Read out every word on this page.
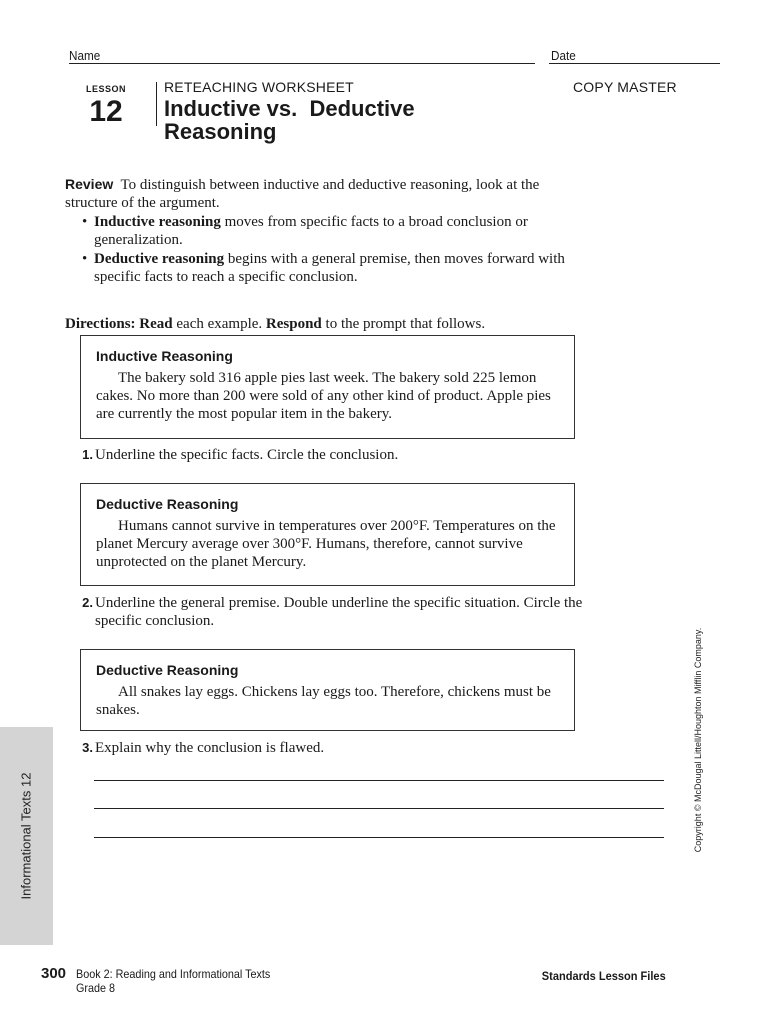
Name	Date
LESSON
12
RETEACHING WORKSHEET	COPY MASTER
Inductive vs.  Deductive
Reasoning
Review To distinguish between inductive and deductive reasoning, look at the structure of the argument.
• Inductive reasoning moves from specific facts to a broad conclusion or generalization.
• Deductive reasoning begins with a general premise, then moves forward with specific facts to reach a specific conclusion.
Directions: Read each example. Respond to the prompt that follows.
Inductive Reasoning
The bakery sold 316 apple pies last week. The bakery sold 225 lemon cakes. No more than 200 were sold of any other kind of product. Apple pies are currently the most popular item in the bakery.
1. Underline the specific facts. Circle the conclusion.
Deductive Reasoning
Humans cannot survive in temperatures over 200°F. Temperatures on the planet Mercury average over 300°F. Humans, therefore, cannot survive unprotected on the planet Mercury.
2. Underline the general premise. Double underline the specific situation. Circle the specific conclusion.
Deductive Reasoning
All snakes lay eggs. Chickens lay eggs too. Therefore, chickens must be snakes.
3. Explain why the conclusion is flawed.
Informational Texts 12	Copyright © McDougal Littell/Houghton Mifflin Company.
300 Book 2: Reading and Informational Texts
Grade 8
Standards Lesson Files
